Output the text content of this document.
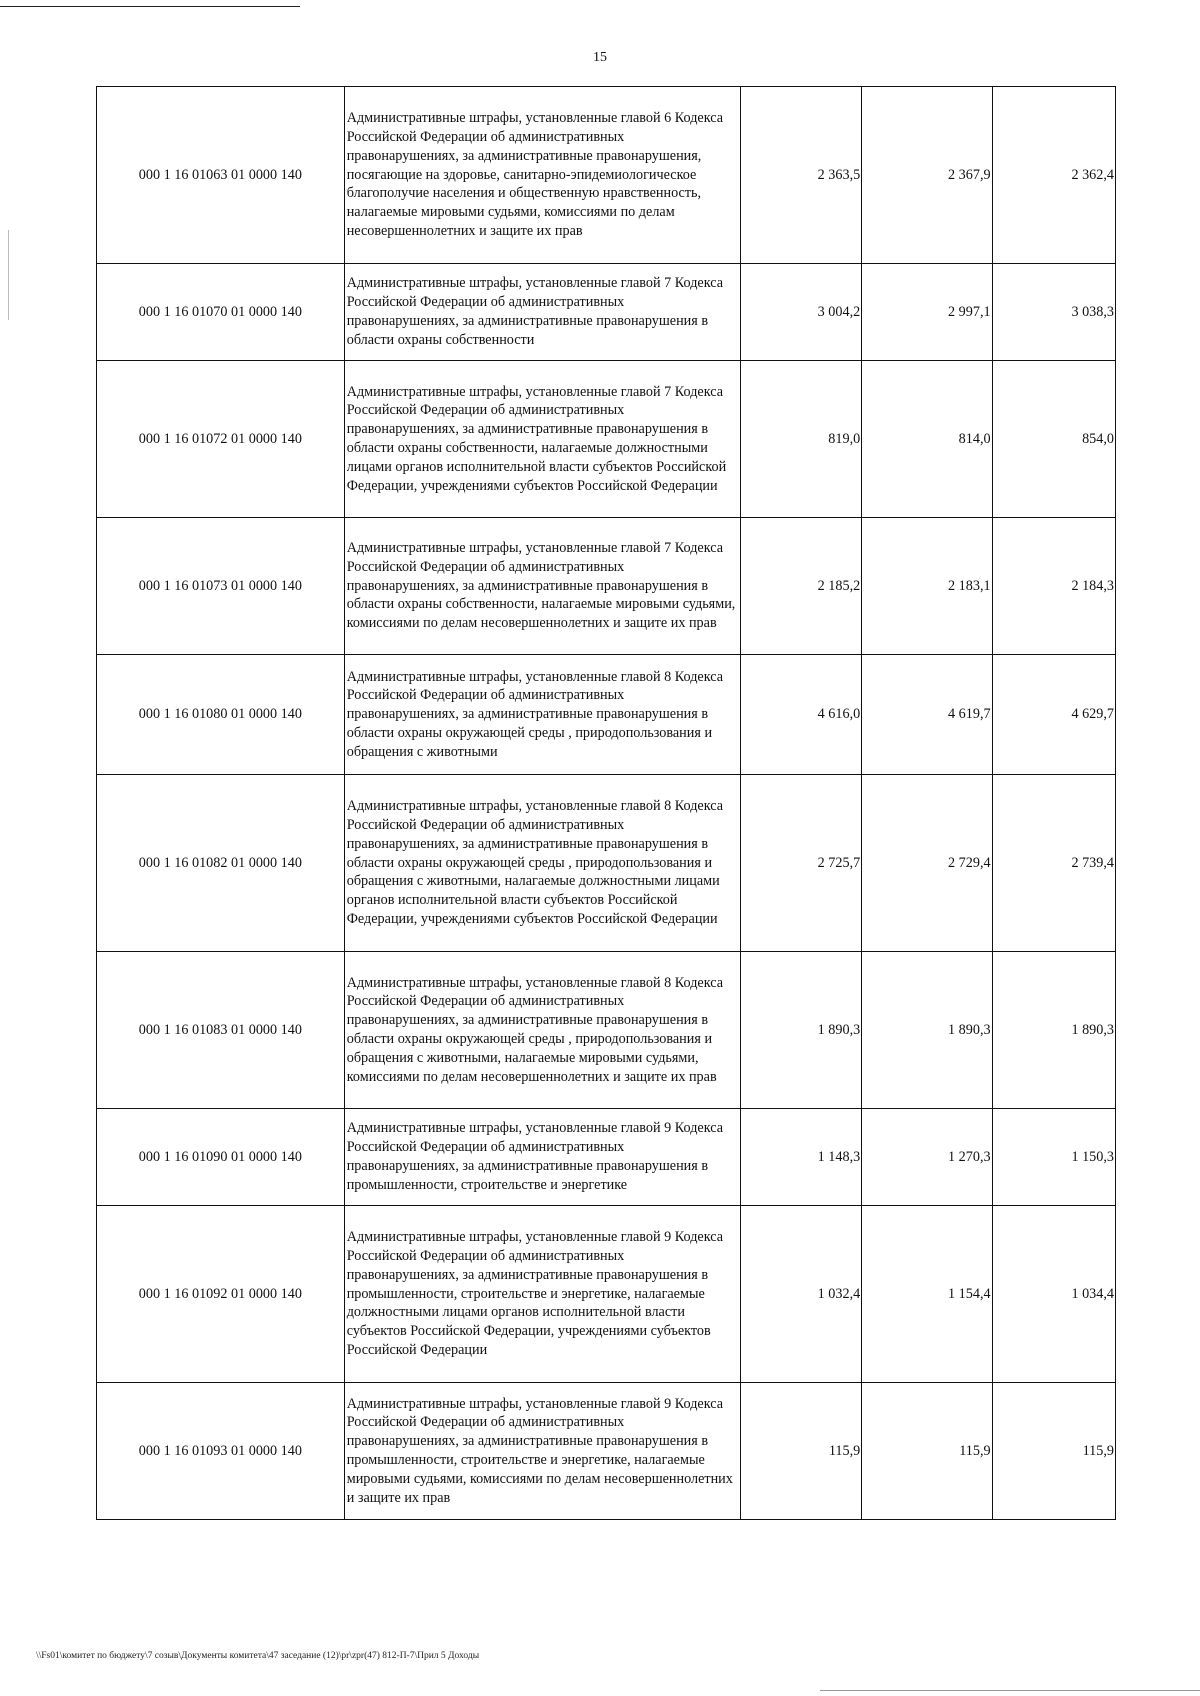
15
000 1 16 01063 01 0000 140	Административные штрафы, установленные главой 6 Кодекса Российской Федерации об административных правонарушениях, за административные правонарушения, посягающие на здоровье, санитарно-эпидемиологическое благополучие населения и общественную нравственность, налагаемые мировыми судьями, комиссиями по делам несовершеннолетних и защите их прав	2 363,5	2 367,9	2 362,4
000 1 16 01070 01 0000 140	Административные штрафы, установленные главой 7 Кодекса Российской Федерации об административных правонарушениях, за административные правонарушения в области охраны собственности	3 004,2	2 997,1	3 038,3
000 1 16 01072 01 0000 140	Административные штрафы, установленные главой 7 Кодекса Российской Федерации об административных правонарушениях, за административные правонарушения в области охраны собственности, налагаемые должностными лицами органов исполнительной власти субъектов Российской Федерации, учреждениями субъектов Российской Федерации	819,0	814,0	854,0
000 1 16 01073 01 0000 140	Административные штрафы, установленные главой 7 Кодекса Российской Федерации об административных правонарушениях, за административные правонарушения в области охраны собственности, налагаемые мировыми судьями, комиссиями по делам несовершеннолетних и защите их прав	2 185,2	2 183,1	2 184,3
000 1 16 01080 01 0000 140	Административные штрафы, установленные главой 8 Кодекса Российской Федерации об административных правонарушениях, за административные правонарушения в области охраны окружающей среды , природопользования и обращения с животными	4 616,0	4 619,7	4 629,7
000 1 16 01082 01 0000 140	Административные штрафы, установленные главой 8 Кодекса Российской Федерации об административных правонарушениях, за административные правонарушения в области охраны окружающей среды , природопользования и обращения с животными, налагаемые должностными лицами органов исполнительной власти субъектов Российской Федерации, учреждениями субъектов Российской Федерации	2 725,7	2 729,4	2 739,4
000 1 16 01083 01 0000 140	Административные штрафы, установленные главой 8 Кодекса Российской Федерации об административных правонарушениях, за административные правонарушения в области охраны окружающей среды , природопользования и обращения с животными, налагаемые мировыми судьями, комиссиями по делам несовершеннолетних и защите их прав	1 890,3	1 890,3	1 890,3
000 1 16 01090 01 0000 140	Административные штрафы, установленные главой 9 Кодекса Российской Федерации об административных правонарушениях, за административные правонарушения в промышленности, строительстве и энергетике	1 148,3	1 270,3	1 150,3
000 1 16 01092 01 0000 140	Административные штрафы, установленные главой 9 Кодекса Российской Федерации об административных правонарушениях, за административные правонарушения в промышленности, строительстве и энергетике, налагаемые должностными лицами органов исполнительной власти субъектов Российской Федерации, учреждениями субъектов Российской Федерации	1 032,4	1 154,4	1 034,4
000 1 16 01093 01 0000 140	Административные штрафы, установленные главой 9 Кодекса Российской Федерации об административных правонарушениях, за административные правонарушения в промышленности, строительстве и энергетике, налагаемые мировыми судьями, комиссиями по делам несовершеннолетних и защите их прав	115,9	115,9	115,9
\\Fs01\комитет по бюджету\7 созыв\Документы комитета\47 заседание (12)\pr\zpr(47) 812-П-7\Прил 5 Доходы
